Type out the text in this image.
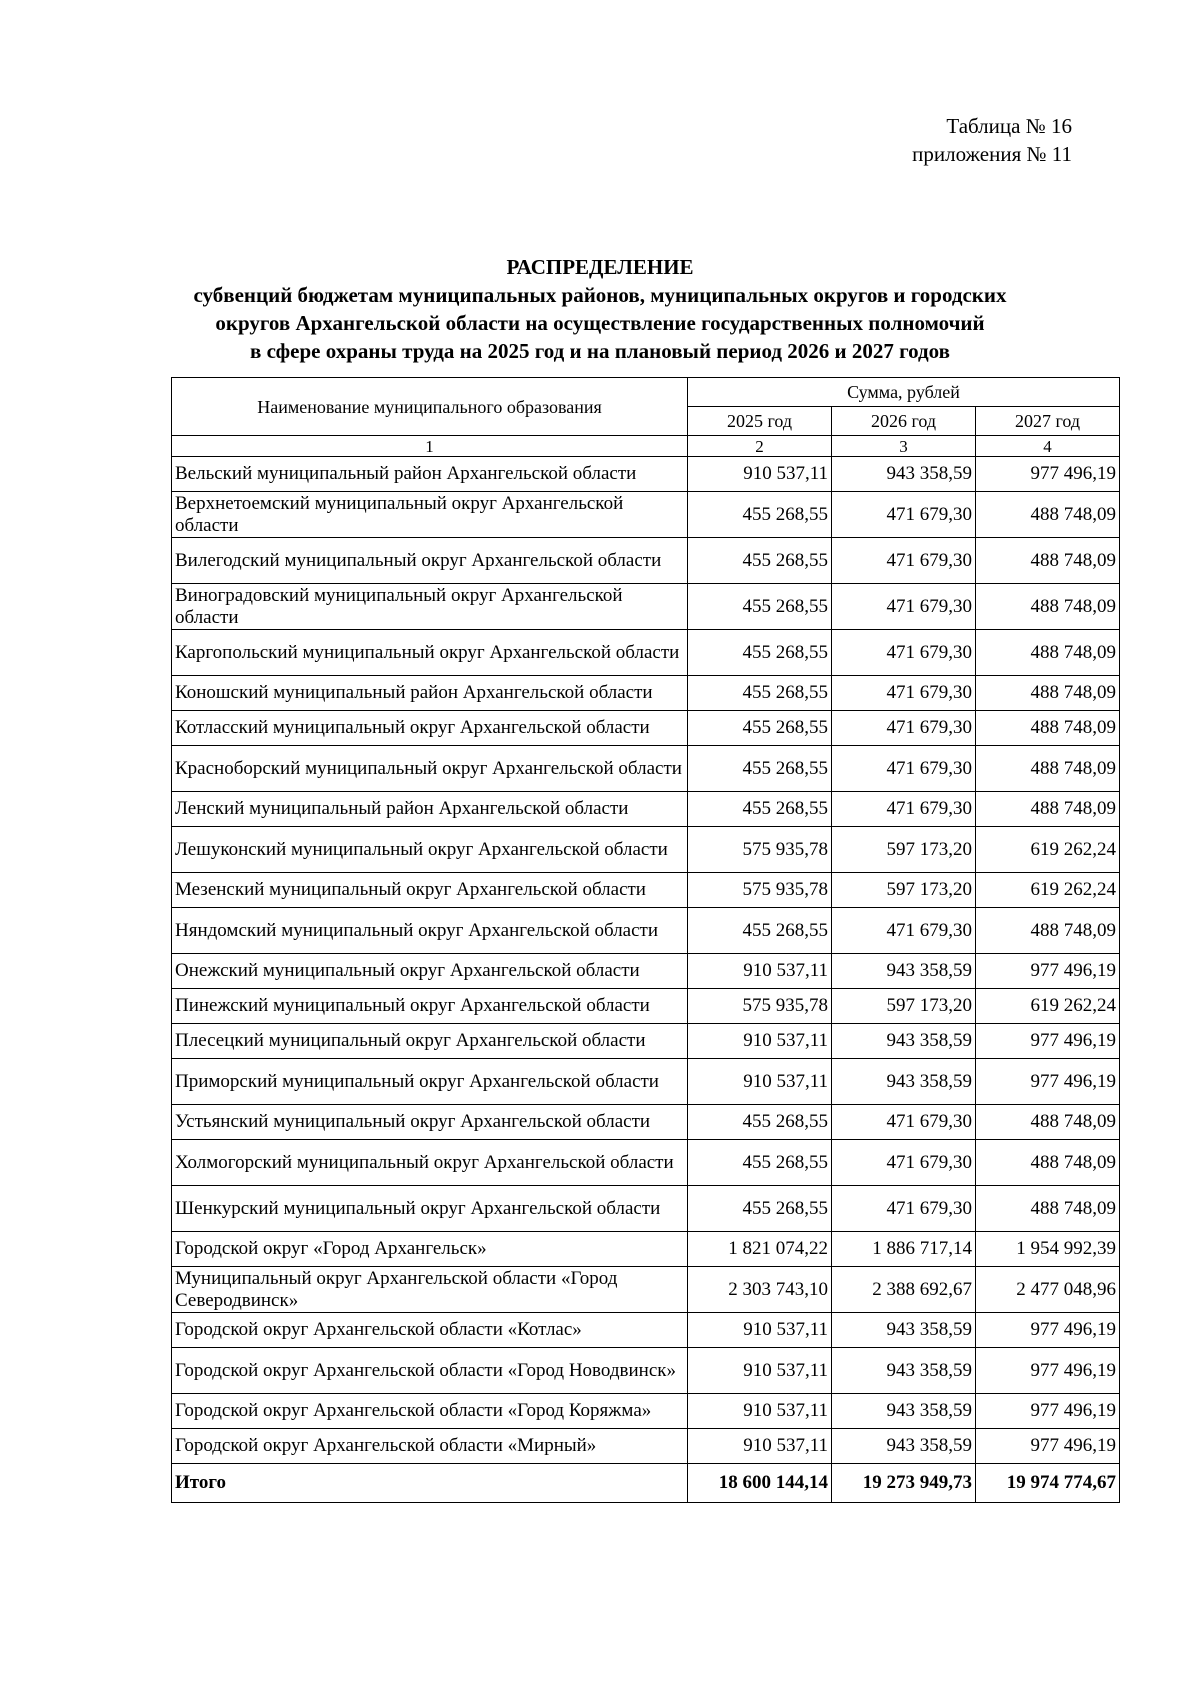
Таблица № 16
приложения № 11
РАСПРЕДЕЛЕНИЕ
субвенций бюджетам муниципальных районов, муниципальных округов и городских
округов Архангельской области на осуществление государственных полномочий
в сфере охраны труда на 2025 год и на плановый период 2026 и 2027 годов
Наименование муниципального образования	Сумма, рублей		
	2025 год	2026 год	2027 год
1	2	3	4
Вельский муниципальный район Архангельской области	910 537,11	943 358,59	977 496,19
Верхнетоемский муниципальный округ Архангельской области	455 268,55	471 679,30	488 748,09
Вилегодский муниципальный округ Архангельской области	455 268,55	471 679,30	488 748,09
Виноградовский муниципальный округ Архангельской области	455 268,55	471 679,30	488 748,09
Каргопольский муниципальный округ Архангельской области	455 268,55	471 679,30	488 748,09
Коношский муниципальный район Архангельской области	455 268,55	471 679,30	488 748,09
Котласский муниципальный округ Архангельской области	455 268,55	471 679,30	488 748,09
Красноборский муниципальный округ Архангельской области	455 268,55	471 679,30	488 748,09
Ленский муниципальный район Архангельской области	455 268,55	471 679,30	488 748,09
Лешуконский муниципальный округ Архангельской области	575 935,78	597 173,20	619 262,24
Мезенский муниципальный округ Архангельской области	575 935,78	597 173,20	619 262,24
Няндомский муниципальный округ Архангельской области	455 268,55	471 679,30	488 748,09
Онежский муниципальный округ Архангельской области	910 537,11	943 358,59	977 496,19
Пинежский муниципальный округ Архангельской области	575 935,78	597 173,20	619 262,24
Плесецкий муниципальный округ Архангельской области	910 537,11	943 358,59	977 496,19
Приморский муниципальный округ Архангельской области	910 537,11	943 358,59	977 496,19
Устьянский муниципальный округ Архангельской области	455 268,55	471 679,30	488 748,09
Холмогорский муниципальный округ Архангельской области	455 268,55	471 679,30	488 748,09
Шенкурский муниципальный округ Архангельской области	455 268,55	471 679,30	488 748,09
Городской округ «Город Архангельск»	1 821 074,22	1 886 717,14	1 954 992,39
Муниципальный округ Архангельской области «Город Северодвинск»	2 303 743,10	2 388 692,67	2 477 048,96
Городской округ Архангельской области «Котлас»	910 537,11	943 358,59	977 496,19
Городской округ Архангельской области «Город Новодвинск»	910 537,11	943 358,59	977 496,19
Городской округ Архангельской области «Город Коряжма»	910 537,11	943 358,59	977 496,19
Городской округ Архангельской области «Мирный»	910 537,11	943 358,59	977 496,19
Итого	18 600 144,14	19 273 949,73	19 974 774,67
